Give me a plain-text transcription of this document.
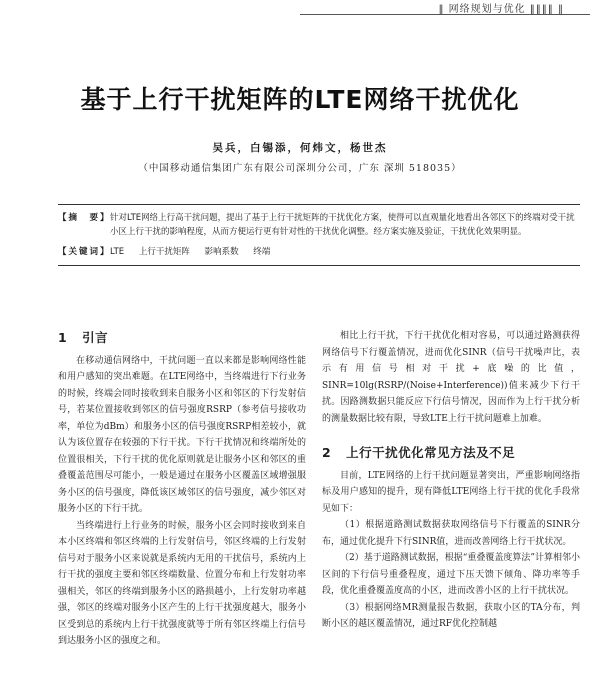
‖ 网络规划与优化 ‖‖‖‖ ‖
基于上行干扰矩阵的LTE网络干扰优化
吴兵，白锡添，何炜文，杨世杰
（中国移动通信集团广东有限公司深圳分公司，广东 深圳 518035）
【摘　要】 针对LTE网络上行高干扰问题，提出了基于上行干扰矩阵的干扰优化方案，使得可以直观量化地看出各邻区下的终端对受干扰小区上行干扰的影响程度，从而方便运行更有针对性的干扰优化调整。经方案实施及验证，干扰优化效果明显。
【关键词】 LTE 上行干扰矩阵 影响系数 终端
1 引言

在移动通信网络中，干扰问题一直以来都是影响网络性能和用户感知的突出难题。在LTE网络中，当终端进行下行业务的时候，终端会同时接收到来自服务小区和邻区的下行发射信号，若某位置接收到邻区的信号强度RSRP（参考信号接收功率，单位为dBm）和服务小区的信号强度RSRP相差较小，就认为该位置存在较强的下行干扰。下行干扰情况和终端所处的位置很相关，下行干扰的优化原则就是让服务小区和邻区的重叠覆盖范围尽可能小，一般是通过在服务小区覆盖区域增强服务小区的信号强度，降低该区域邻区的信号强度，减少邻区对服务小区的下行干扰。

当终端进行上行业务的时候，服务小区会同时接收到来自本小区终端和邻区终端的上行发射信号，邻区终端的上行发射信号对于服务小区来说就是系统内无用的干扰信号，系统内上行干扰的强度主要和邻区终端数量、位置分布和上行发射功率强相关，邻区的终端到服务小区的路损越小，上行发射功率越强，邻区的终端对服务小区产生的上行干扰强度越大，服务小区受到总的系统内上行干扰强度就等于所有邻区终端上行信号到达服务小区的强度之和。

相比上行干扰，下行干扰优化相对容易，可以通过路测获得网络信号下行覆盖情况，进而优化SINR（信号干扰噪声比，表示有用信号相对干扰+底噪的比值，SINR=10lg(RSRP/(Noise+Interference))值来减少下行干扰。因路测数据只能反应下行信号情况，因而作为上行干扰分析的测量数据比较有限，导致LTE上行干扰问题难上加难。

2 上行干扰优化常见方法及不足

目前，LTE网络的上行干扰问题显著突出，严重影响网络指标及用户感知的提升，现有降低LTE网络上行干扰的优化手段常见如下：

（1）根据道路测试数据获取网络信号下行覆盖的SINR分布，通过优化提升下行SINR值，进而改善网络上行干扰状况。

（2）基于道路测试数据，根据“重叠覆盖度算法”计算相邻小区间的下行信号重叠程度，通过下压天馈下倾角、降功率等手段，优化重叠覆盖度高的小区，进而改善小区的上行干扰状况。

（3）根据网络MR测量报告数据，获取小区的TA分布，判断小区的越区覆盖情况，通过RF优化控制越
